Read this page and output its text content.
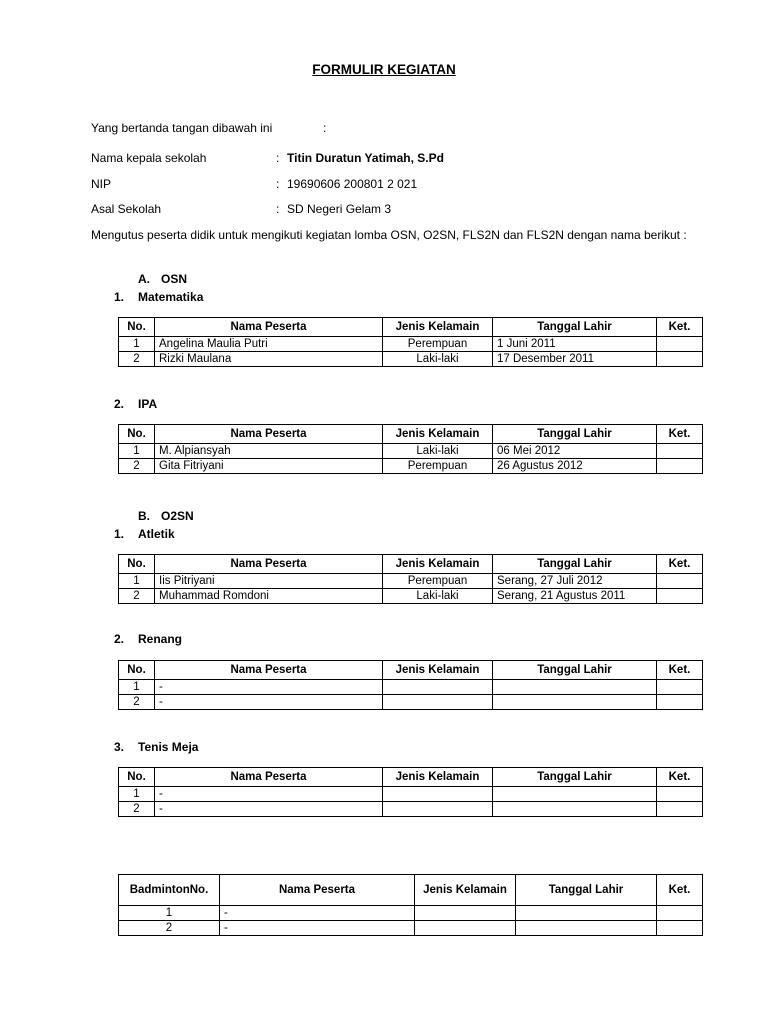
FORMULIR KEGIATAN
Yang bertanda tangan dibawah ini	:
Nama kepala sekolah	: Titin Duratun Yatimah, S.Pd
NIP	: 19690606 200801 2 021
Asal Sekolah	: SD Negeri Gelam 3
Mengutus peserta didik untuk mengikuti kegiatan lomba OSN, O2SN, FLS2N dan FLS2N dengan nama berikut :
A. OSN
1. Matematika
No.	Nama Peserta	Jenis Kelamain	Tanggal Lahir	Ket.
1	Angelina Maulia Putri	Perempuan	1 Juni 2011	
2	Rizki Maulana	Laki-laki	17 Desember 2011	
2. IPA
No.	Nama Peserta	Jenis Kelamain	Tanggal Lahir	Ket.
1	M. Alpiansyah	Laki-laki	06 Mei 2012	
2	Gita Fitriyani	Perempuan	26 Agustus 2012	
B. O2SN
1. Atletik
No.	Nama Peserta	Jenis Kelamain	Tanggal Lahir	Ket.
1	Iis Pitriyani	Perempuan	Serang, 27 Juli 2012	
2	Muhammad Romdoni	Laki-laki	Serang, 21 Agustus 2011	
2. Renang
No.	Nama Peserta	Jenis Kelamain	Tanggal Lahir	Ket.
1	-			
2	-			
3. Tenis Meja
No.	Nama Peserta	Jenis Kelamain	Tanggal Lahir	Ket.
1	-			
2	-			
BadmintonNo.	Nama Peserta	Jenis Kelamain	Tanggal Lahir	Ket.
1	-			
2	-			
